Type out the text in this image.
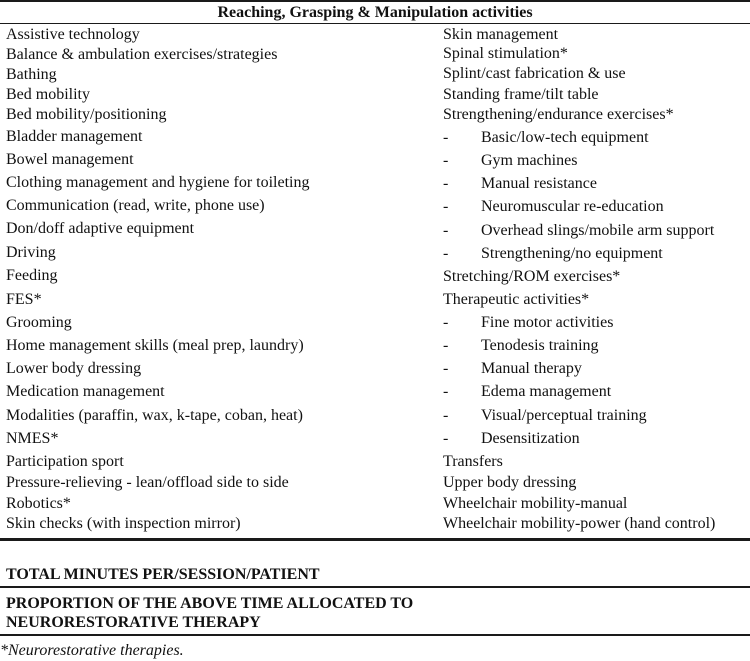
Reaching, Grasping & Manipulation activities
Assistive technology
Balance & ambulation exercises/strategies
Bathing
Bed mobility
Bed mobility/positioning
Bladder management
Bowel management
Clothing management and hygiene for toileting
Communication (read, write, phone use)
Don/doff adaptive equipment
Driving
Feeding
FES*
Grooming
Home management skills (meal prep, laundry)
Lower body dressing
Medication management
Modalities (paraffin, wax, k-tape, coban, heat)
NMES*
Participation sport
Pressure-relieving - lean/offload side to side
Robotics*
Skin checks (with inspection mirror)
Skin management
Spinal stimulation*
Splint/cast fabrication & use
Standing frame/tilt table
Strengthening/endurance exercises*
- Basic/low-tech equipment
- Gym machines
- Manual resistance
- Neuromuscular re-education
- Overhead slings/mobile arm support
- Strengthening/no equipment
Stretching/ROM exercises*
Therapeutic activities*
- Fine motor activities
- Tenodesis training
- Manual therapy
- Edema management
- Visual/perceptual training
- Desensitization
Transfers
Upper body dressing
Wheelchair mobility-manual
Wheelchair mobility-power (hand control)
TOTAL MINUTES PER/SESSION/PATIENT
PROPORTION OF THE ABOVE TIME ALLOCATED TO
NEURORESTORATIVE THERAPY
*Neurorestorative therapies.
